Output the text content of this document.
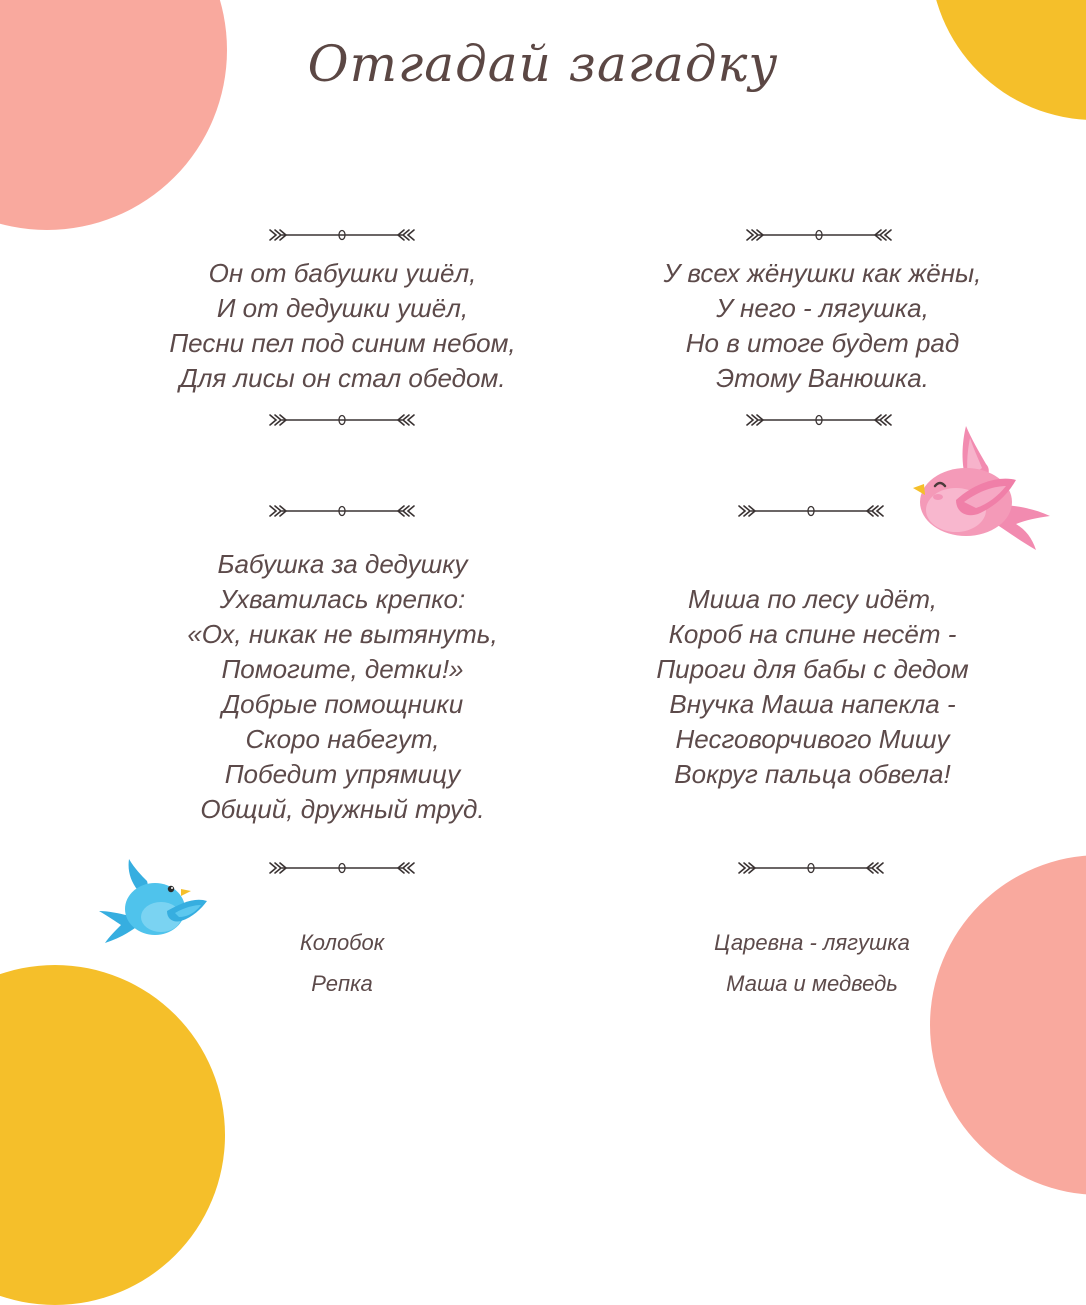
Отгадай загадку
Он от бабушки ушёл,
И от дедушки ушёл,
Песни пел под синим небом,
Для лисы он стал обедом.
У всех жёнушки как жёны,
У него - лягушка,
Но в итоге будет рад
Этому Ванюшка.
Бабушка за дедушку
Ухватилась крепко:
«Ох, никак не вытянуть,
Помогите, детки!»
Добрые помощники
Скоро набегут,
Победит упрямицу
Общий, дружный труд.
Миша по лесу идёт,
Короб на спине несёт -
Пироги для бабы с дедом
Внучка Маша напекла -
Несговорчивого Мишу
Вокруг пальца обвела!
Колобок
Репка
Царевна - лягушка
Маша и медведь
